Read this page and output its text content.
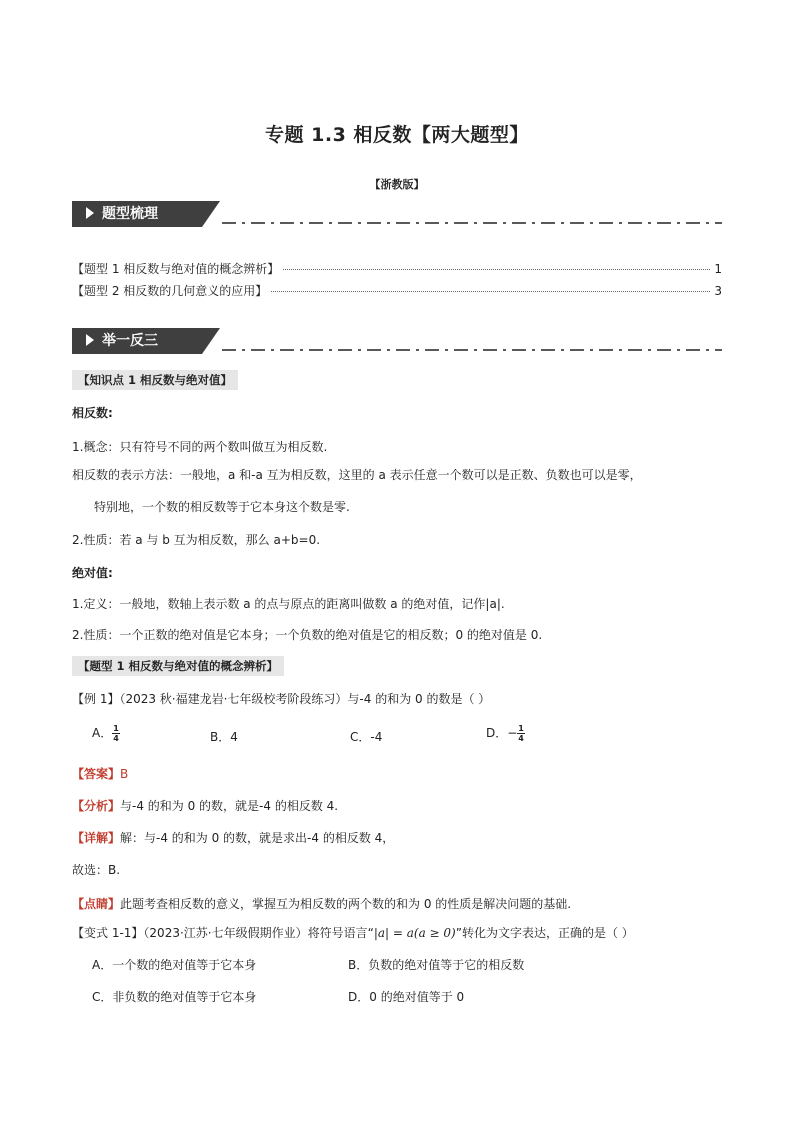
专题 1.3 相反数【两大题型】
【浙教版】
题型梳理
【题型 1 相反数与绝对值的概念辨析】	1
【题型 2 相反数的几何意义的应用】	3
举一反三
【知识点 1 相反数与绝对值】
相反数:
1.概念：只有符号不同的两个数叫做互为相反数.
相反数的表示方法：一般地，a 和-a 互为相反数，这里的 a 表示任意一个数可以是正数、负数也可以是零，
特别地，一个数的相反数等于它本身这个数是零.
2.性质：若 a 与 b 互为相反数，那么 a+b=0.
绝对值:
1.定义：一般地，数轴上表示数 a 的点与原点的距离叫做数 a 的绝对值，记作|a|.
2.性质：一个正数的绝对值是它本身；一个负数的绝对值是它的相反数；0 的绝对值是 0.
【题型 1 相反数与绝对值的概念辨析】
【例 1】（2023 秋·福建龙岩·七年级校考阶段练习）与-4 的和为 0 的数是（ ）
A． $\frac{1}{4}$	B．4	C．-4	D．− $\frac{1}{4}$
【答案】B
【分析】与-4 的和为 0 的数，就是-4 的相反数 4.
【详解】解：与-4 的和为 0 的数，就是求出-4 的相反数 4，
故选：B.
【点睛】此题考查相反数的意义，掌握互为相反数的两个数的和为 0 的性质是解决问题的基础.
【变式 1-1】（2023·江苏·七年级假期作业）将符号语言“|a| = a(a ≥ 0)”转化为文字表达，正确的是（ ）
A．一个数的绝对值等于它本身	B．负数的绝对值等于它的相反数
C．非负数的绝对值等于它本身	D．0 的绝对值等于 0
